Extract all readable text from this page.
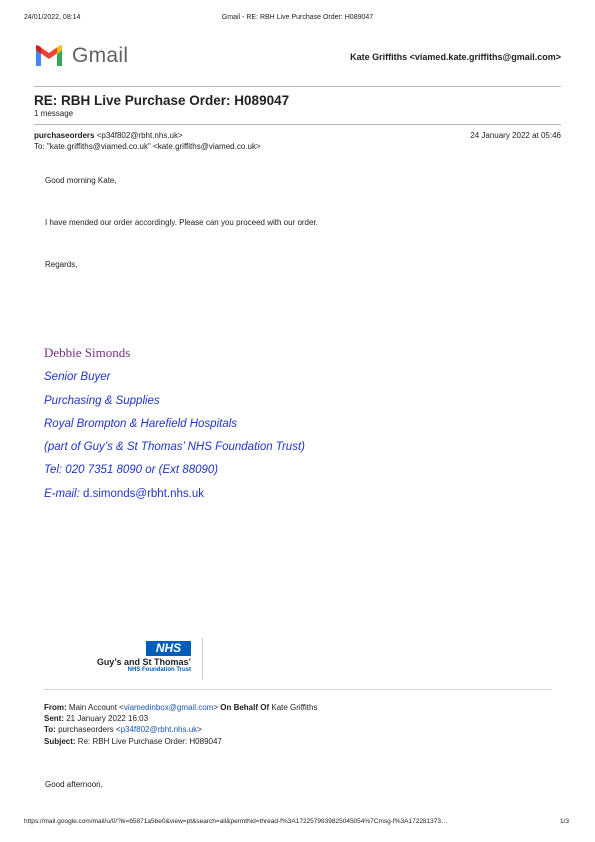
24/01/2022, 08:14	Gmail - RE: RBH Live Purchase Order: H089047
Gmail	Kate Griffiths <viamed.kate.griffiths@gmail.com>
RE: RBH Live Purchase Order: H089047
1 message
purchaseorders <p34f802@rbht.nhs.uk>	24 January 2022 at 05:46
To: "kate.griffiths@viamed.co.uk" <kate.griffiths@viamed.co.uk>
Good morning Kate,
I have mended our order accordingly. Please can you proceed with our order.
Regards,
Debbie Simonds
Senior Buyer
Purchasing & Supplies
Royal Brompton & Harefield Hospitals
(part of Guy’s & St Thomas’ NHS Foundation Trust)
Tel: 020 7351 8090 or (Ext 88090)
E-mail: d.simonds@rbht.nhs.uk
NHS
Guy’s and St Thomas’
NHS Foundation Trust
From: Main Account <viamedinbox@gmail.com> On Behalf Of Kate Griffiths
Sent: 21 January 2022 16:03
To: purchaseorders <p34f802@rbht.nhs.uk>
Subject: Re: RBH Live Purchase Order: H089047
Good afternoon,
https://mail.google.com/mail/u/0/?ik=b5871a5be0&view=pt&search=all&permthid=thread-f%3A1722579939825045054%7Cmsg-f%3A172281373…	1/3
